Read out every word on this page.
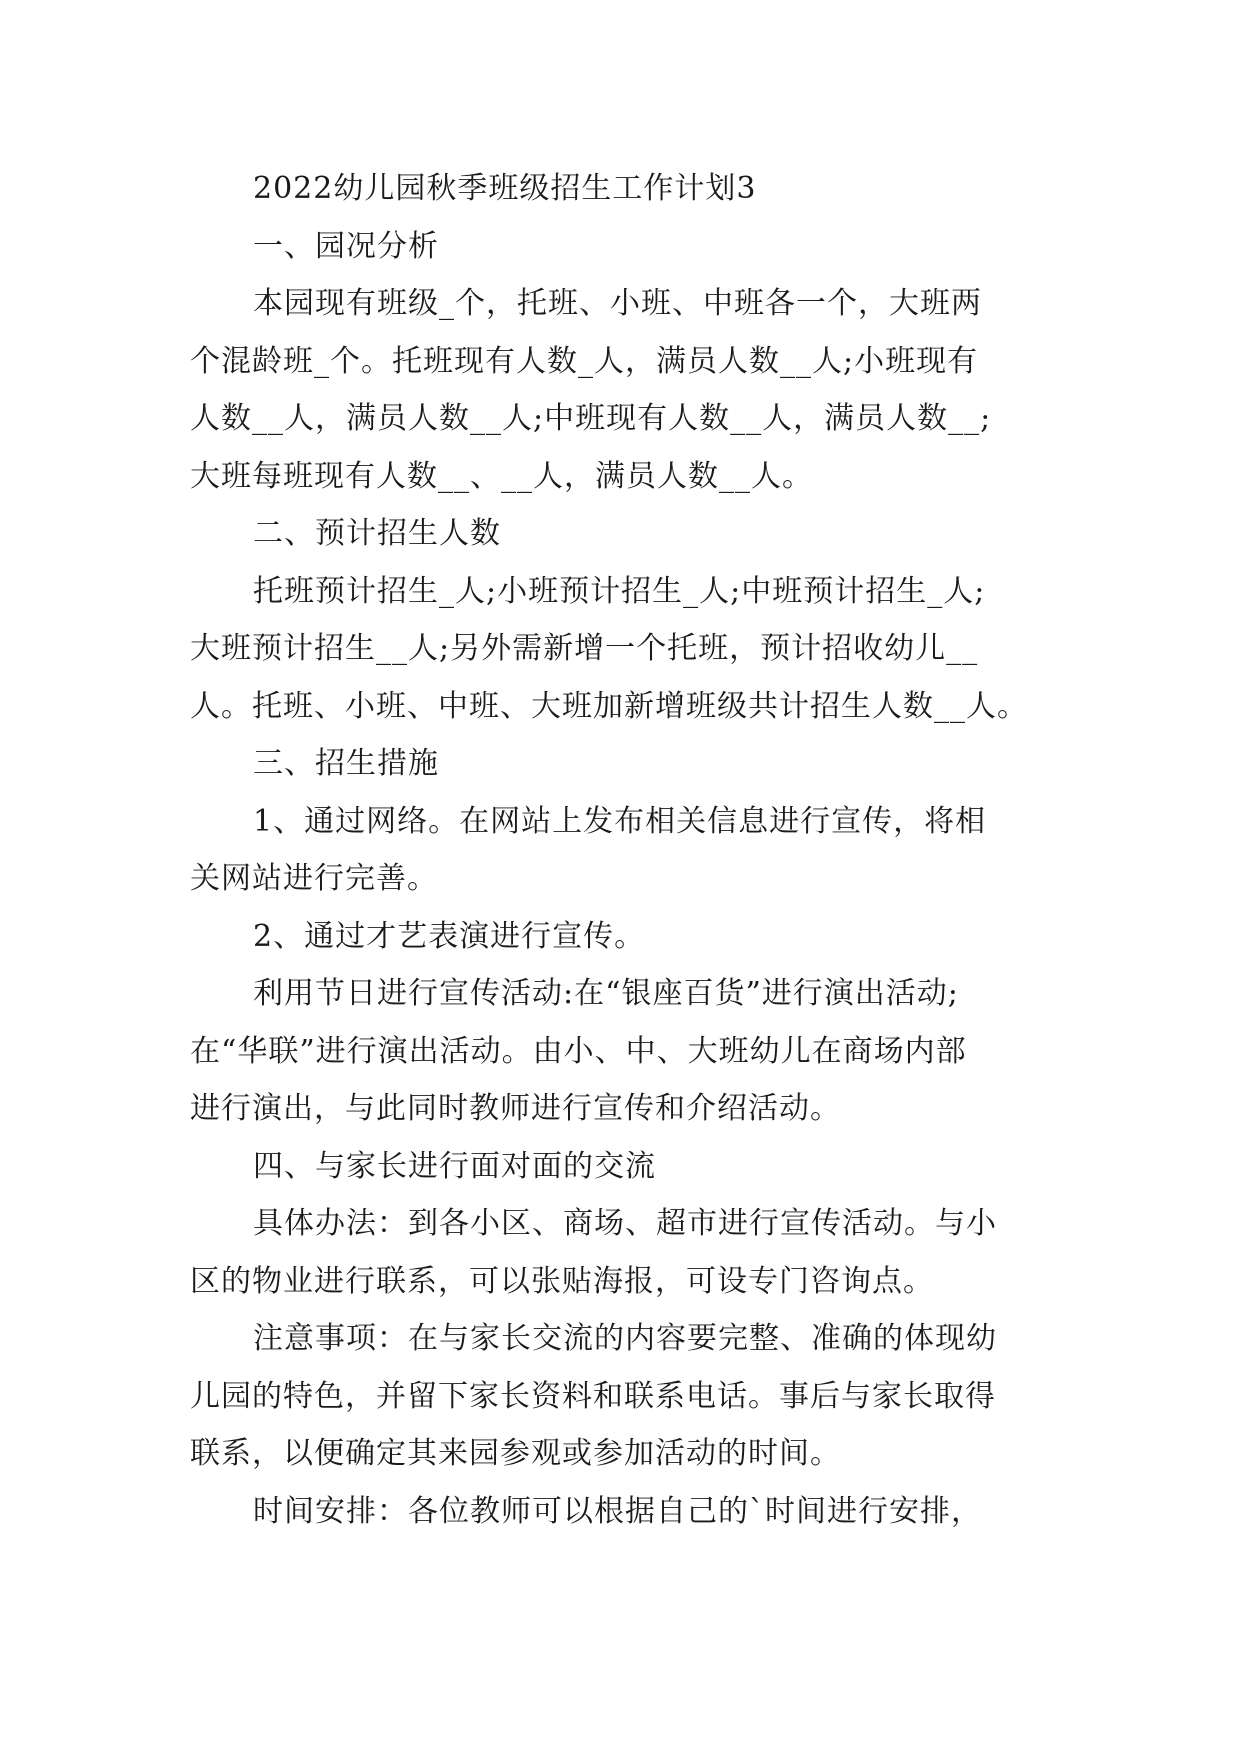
2022幼儿园秋季班级招生工作计划3
一、园况分析
本园现有班级_个，托班、小班、中班各一个，大班两
个混龄班_个。托班现有人数_人，满员人数__人;小班现有
人数__人，满员人数__人;中班现有人数__人，满员人数__;
大班每班现有人数__、__人，满员人数__人。
二、预计招生人数
托班预计招生_人;小班预计招生_人;中班预计招生_人;
大班预计招生__人;另外需新增一个托班，预计招收幼儿__
人。托班、小班、中班、大班加新增班级共计招生人数__人。
三、招生措施
1、通过网络。在网站上发布相关信息进行宣传，将相
关网站进行完善。
2、通过才艺表演进行宣传。
利用节日进行宣传活动:在“银座百货”进行演出活动;
在“华联”进行演出活动。由小、中、大班幼儿在商场内部
进行演出，与此同时教师进行宣传和介绍活动。
四、与家长进行面对面的交流
具体办法：到各小区、商场、超市进行宣传活动。与小
区的物业进行联系，可以张贴海报，可设专门咨询点。
注意事项：在与家长交流的内容要完整、准确的体现幼
儿园的特色，并留下家长资料和联系电话。事后与家长取得
联系，以便确定其来园参观或参加活动的时间。
时间安排：各位教师可以根据自己的`时间进行安排，
